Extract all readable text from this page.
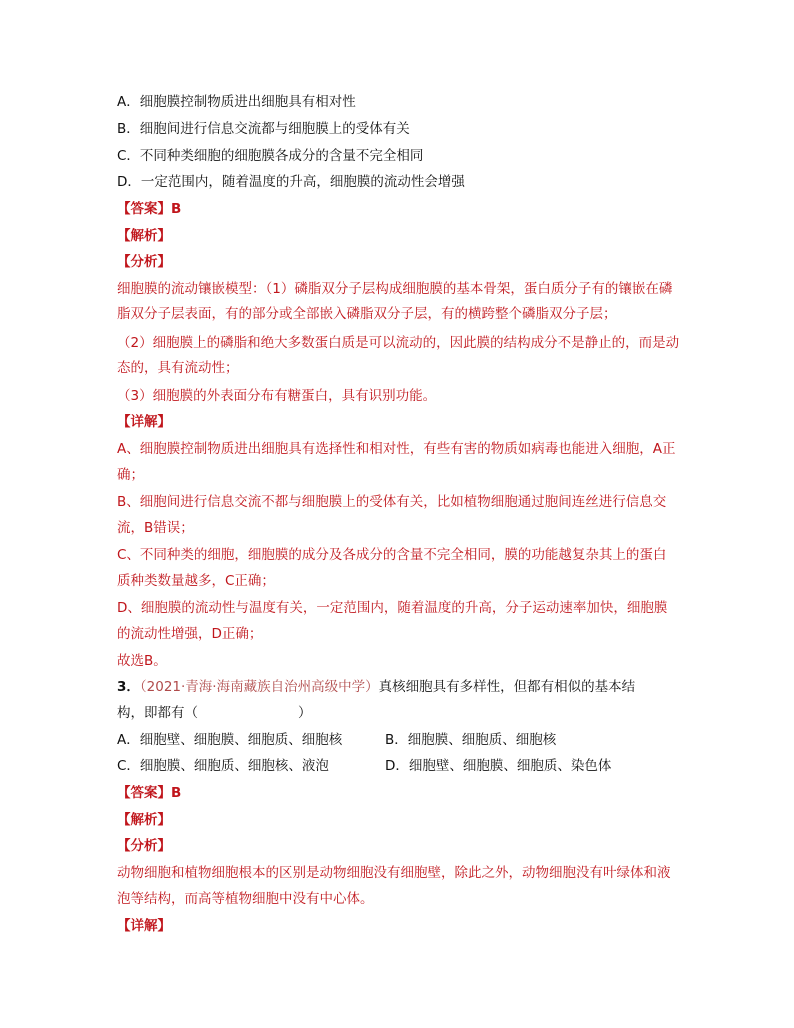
A．细胞膜控制物质进出细胞具有相对性
B．细胞间进行信息交流都与细胞膜上的受体有关
C．不同种类细胞的细胞膜各成分的含量不完全相同
D．一定范围内，随着温度的升高，细胞膜的流动性会增强
【答案】B
【解析】
【分析】
细胞膜的流动镶嵌模型：（1）磷脂双分子层构成细胞膜的基本骨架，蛋白质分子有的镶嵌在磷
脂双分子层表面，有的部分或全部嵌入磷脂双分子层，有的横跨整个磷脂双分子层；
（2）细胞膜上的磷脂和绝大多数蛋白质是可以流动的，因此膜的结构成分不是静止的，而是动
态的，具有流动性；
（3）细胞膜的外表面分布有糖蛋白，具有识别功能。
【详解】
A、细胞膜控制物质进出细胞具有选择性和相对性，有些有害的物质如病毒也能进入细胞，A正
确；
B、细胞间进行信息交流不都与细胞膜上的受体有关，比如植物细胞通过胞间连丝进行信息交
流，B错误；
C、不同种类的细胞，细胞膜的成分及各成分的含量不完全相同，膜的功能越复杂其上的蛋白
质种类数量越多，C正确；
D、细胞膜的流动性与温度有关，一定范围内，随着温度的升高，分子运动速率加快，细胞膜
的流动性增强，D正确；
故选B。
3．（2021·青海·海南藏族自治州高级中学）真核细胞具有多样性，但都有相似的基本结
构，即都有（	）
A．细胞壁、细胞膜、细胞质、细胞核	B．细胞膜、细胞质、细胞核
C．细胞膜、细胞质、细胞核、液泡	D．细胞壁、细胞膜、细胞质、染色体
【答案】B
【解析】
【分析】
动物细胞和植物细胞根本的区别是动物细胞没有细胞壁，除此之外，动物细胞没有叶绿体和液
泡等结构，而高等植物细胞中没有中心体。
【详解】
